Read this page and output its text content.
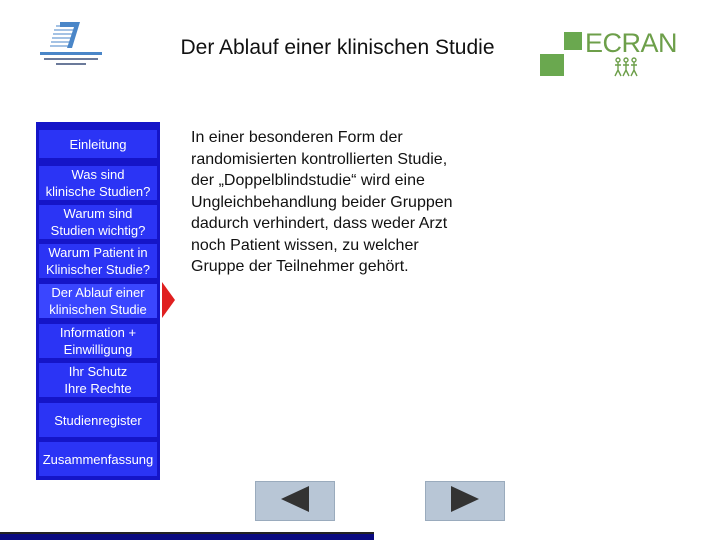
Der Ablauf einer klinischen Studie	ECRAN
Einleitung
Was sind
klinische Studien?
Warum sind
Studien wichtig?
Warum Patient in
Klinischer Studie?
Der Ablauf einer
klinischen Studie
Information +
Einwilligung
Ihr Schutz
Ihre Rechte
Studienregister
Zusammenfassung
In einer besonderen Form der
randomisierten kontrollierten Studie,
der „Doppelblindstudie“ wird eine
Ungleichbehandlung beider Gruppen
dadurch verhindert, dass weder Arzt
noch Patient wissen, zu welcher
Gruppe der Teilnehmer gehört.
